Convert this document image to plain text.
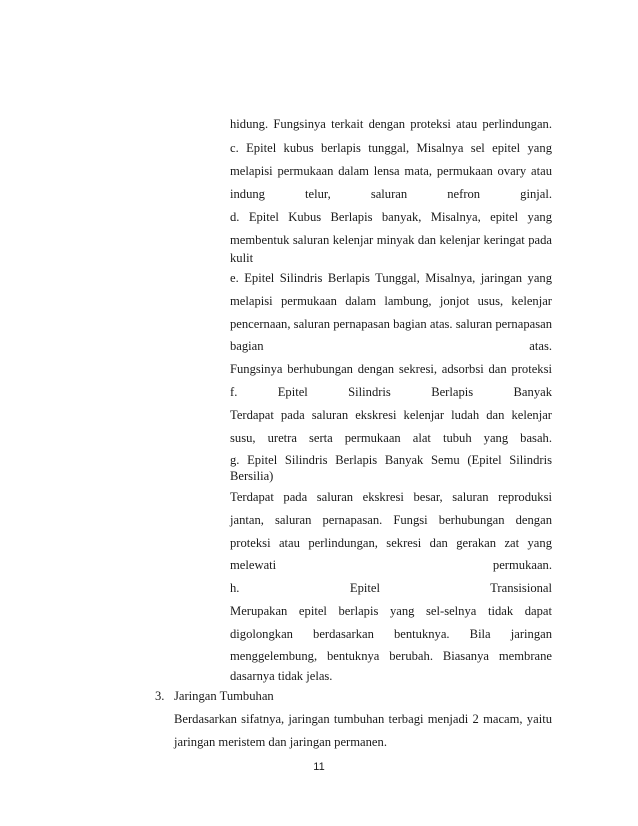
hidung. Fungsinya terkait dengan proteksi atau perlindungan.
c. Epitel kubus berlapis tunggal, Misalnya sel epitel yang
melapisi permukaan dalam lensa mata, permukaan ovary atau
indung telur, saluran nefron ginjal.
d. Epitel Kubus Berlapis banyak, Misalnya, epitel yang
membentuk saluran kelenjar minyak dan kelenjar keringat pada
kulit
e. Epitel Silindris Berlapis Tunggal, Misalnya, jaringan yang
melapisi permukaan dalam lambung, jonjot usus, kelenjar
pencernaan, saluran pernapasan bagian atas. saluran pernapasan
bagian atas.
Fungsinya berhubungan dengan sekresi, adsorbsi dan proteksi
f. Epitel Silindris Berlapis Banyak
Terdapat pada saluran ekskresi kelenjar ludah dan kelenjar
susu, uretra serta permukaan alat tubuh yang basah.
g. Epitel Silindris Berlapis Banyak Semu (Epitel Silindris
Bersilia)
Terdapat pada saluran ekskresi besar, saluran reproduksi
jantan, saluran pernapasan. Fungsi berhubungan dengan
proteksi atau perlindungan, sekresi dan gerakan zat yang
melewati permukaan.
h. Epitel Transisional
Merupakan epitel berlapis yang sel-selnya tidak dapat
digolongkan berdasarkan bentuknya. Bila jaringan
menggelembung, bentuknya berubah. Biasanya membrane
dasarnya tidak jelas.
3. Jaringan Tumbuhan
Berdasarkan sifatnya, jaringan tumbuhan terbagi menjadi 2 macam, yaitu
jaringan meristem dan jaringan permanen.
11
